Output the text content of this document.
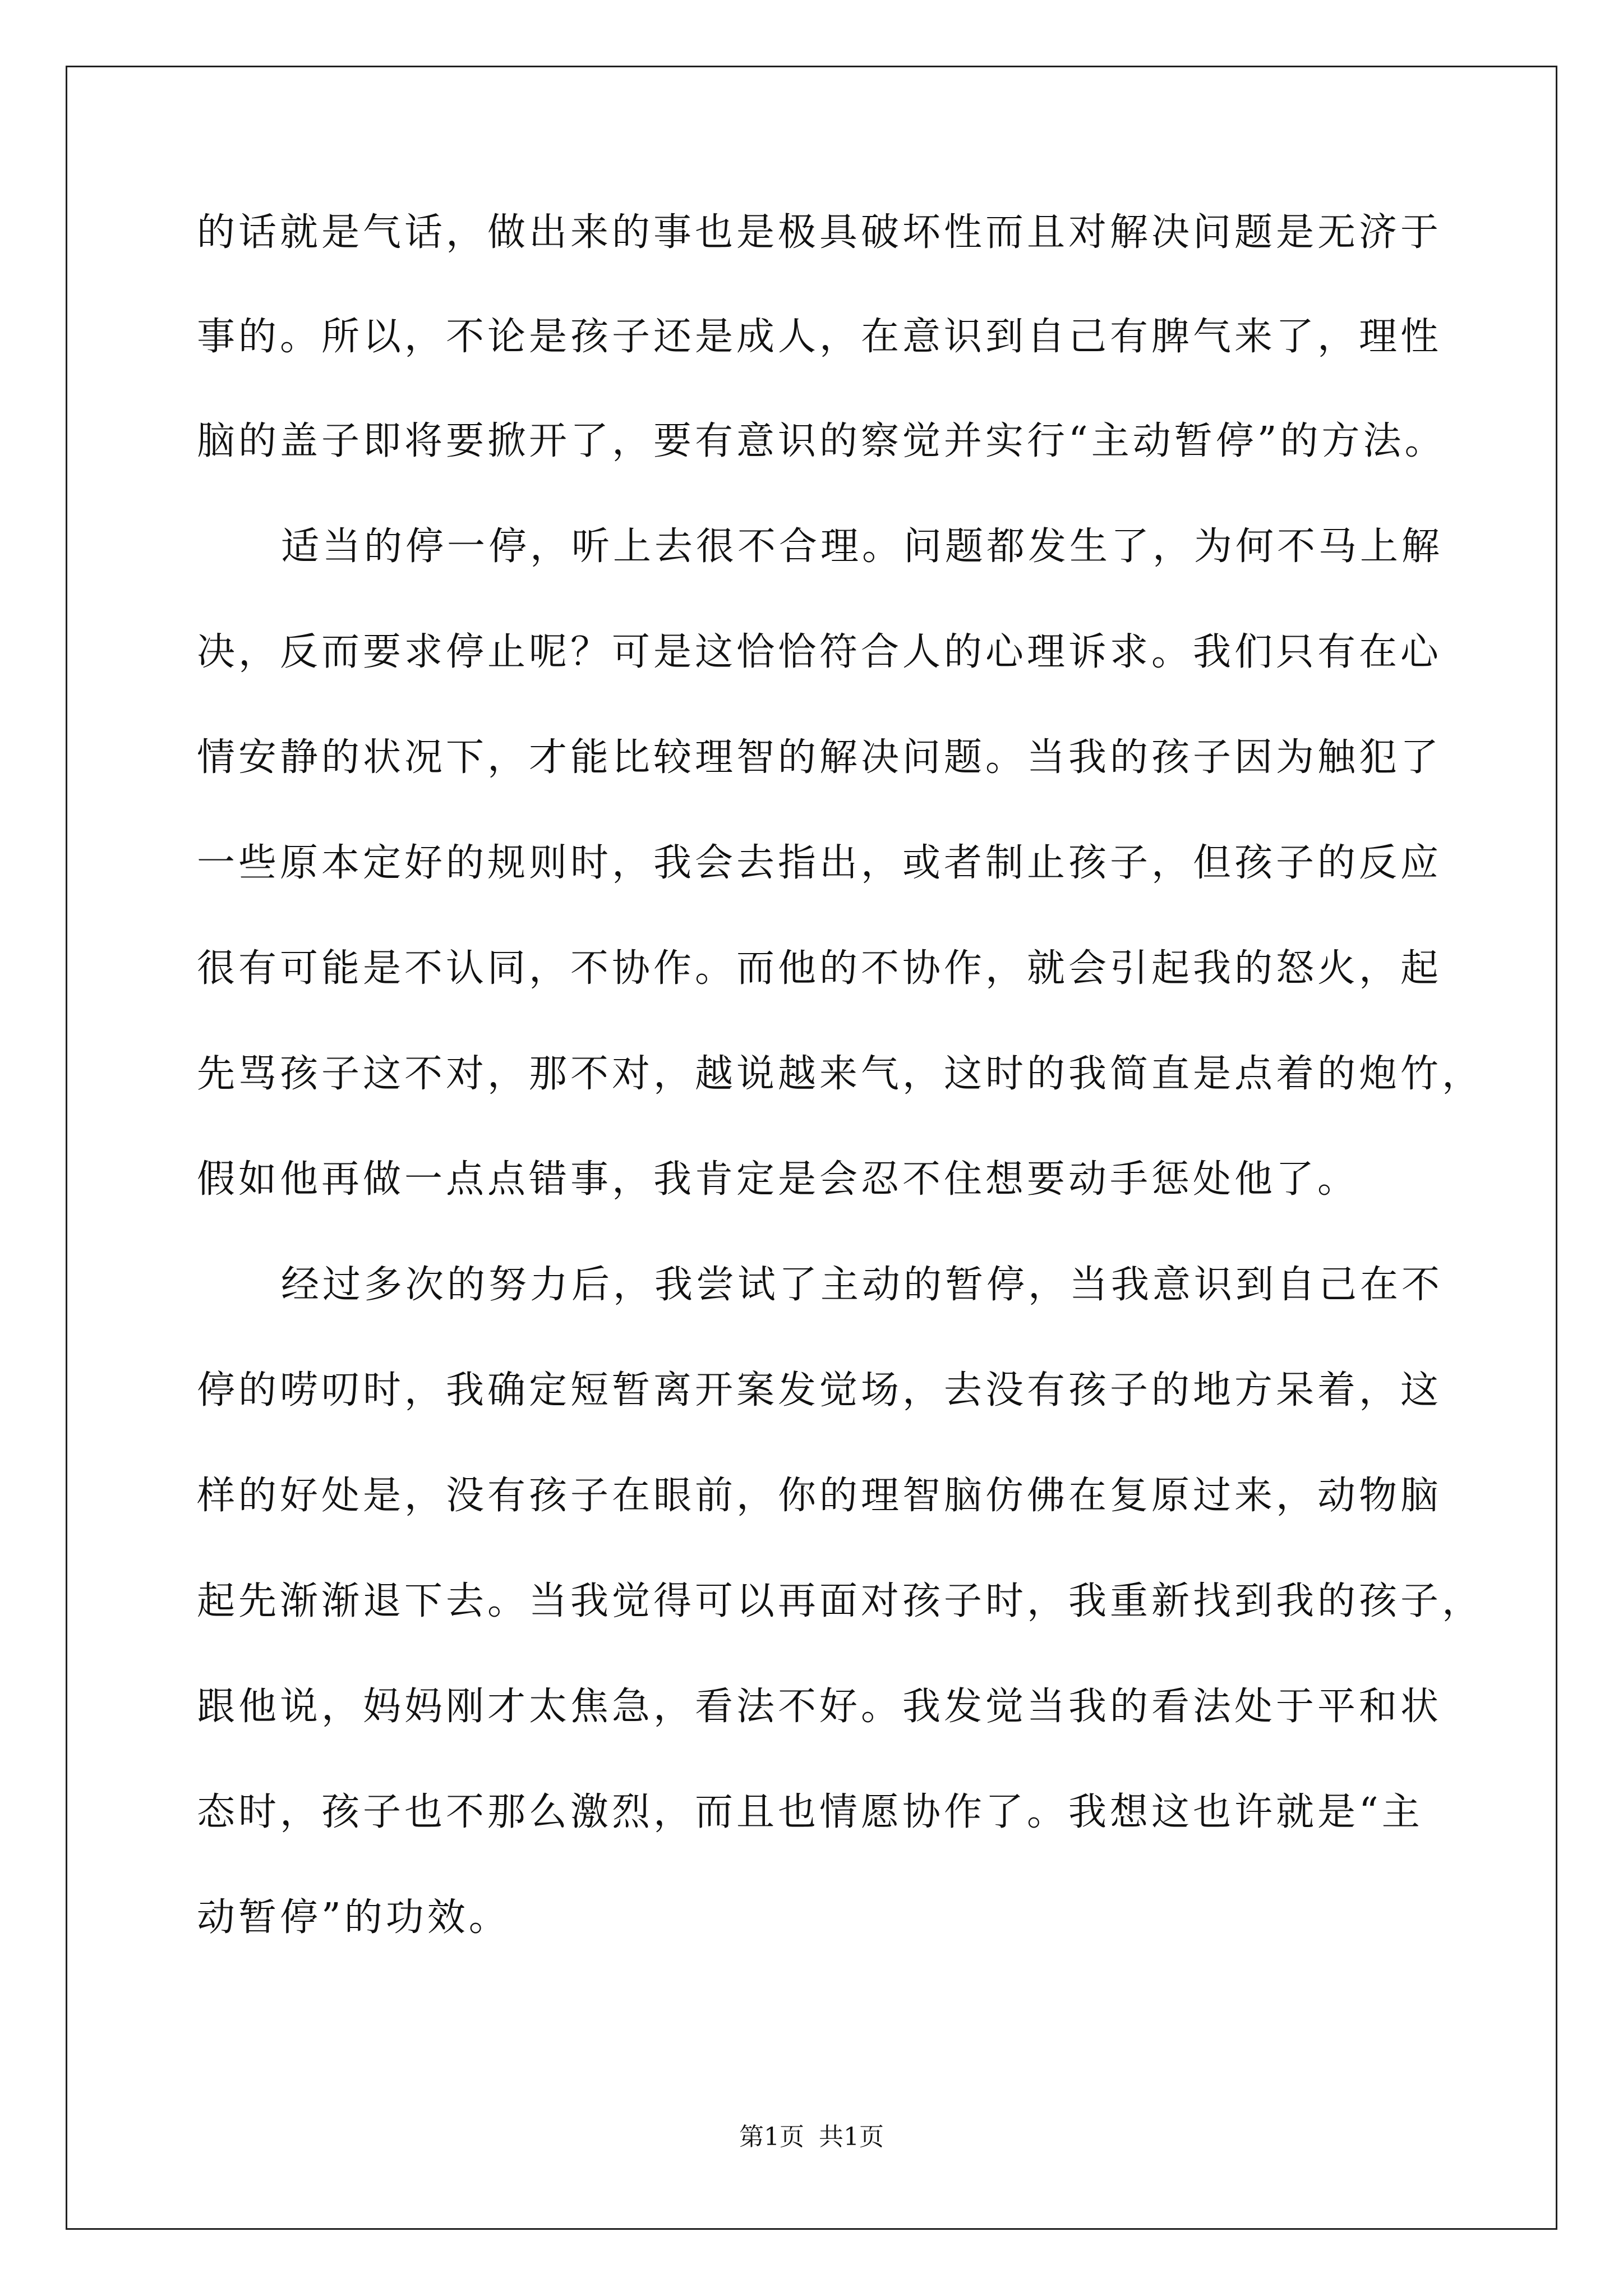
的话就是气话，做出来的事也是极具破坏性而且对解决问题是无济于
事的。所以，不论是孩子还是成人，在意识到自己有脾气来了，理性
脑的盖子即将要掀开了，要有意识的察觉并实行“主动暂停”的方法。
适当的停一停，听上去很不合理。问题都发生了，为何不马上解
决，反而要求停止呢？可是这恰恰符合人的心理诉求。我们只有在心
情安静的状况下，才能比较理智的解决问题。当我的孩子因为触犯了
一些原本定好的规则时，我会去指出，或者制止孩子，但孩子的反应
很有可能是不认同，不协作。而他的不协作，就会引起我的怒火，起
先骂孩子这不对，那不对，越说越来气，这时的我简直是点着的炮竹，
假如他再做一点点错事，我肯定是会忍不住想要动手惩处他了。
经过多次的努力后，我尝试了主动的暂停，当我意识到自己在不
停的唠叨时，我确定短暂离开案发觉场，去没有孩子的地方呆着，这
样的好处是，没有孩子在眼前，你的理智脑仿佛在复原过来，动物脑
起先渐渐退下去。当我觉得可以再面对孩子时，我重新找到我的孩子，
跟他说，妈妈刚才太焦急，看法不好。我发觉当我的看法处于平和状
态时，孩子也不那么激烈，而且也情愿协作了。我想这也许就是“主
动暂停”的功效。
第1页 共1页
